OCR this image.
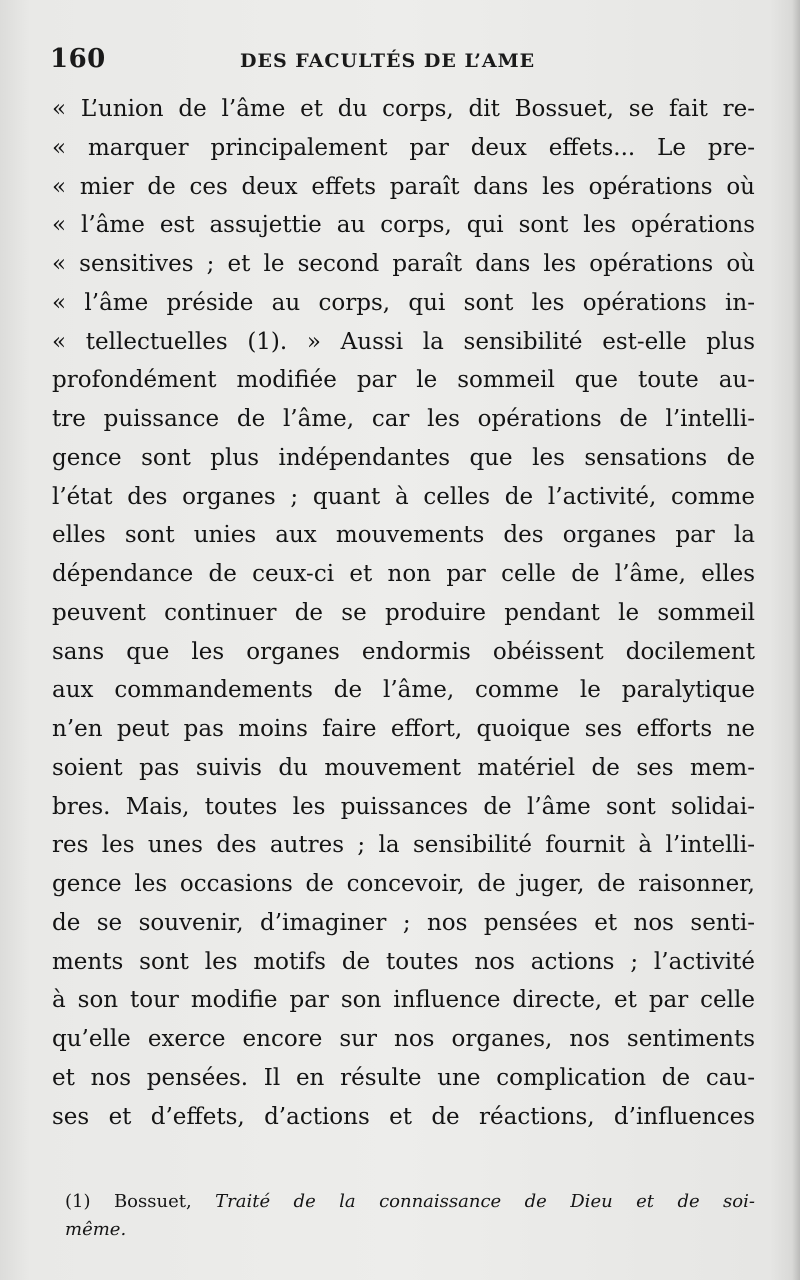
160	DES FACULTÉS DE L’AME
« L’union de l’âme et du corps, dit Bossuet, se fait re-
« marquer principalement par deux effets... Le pre-
« mier de ces deux effets paraît dans les opérations où
« l’âme est assujettie au corps, qui sont les opérations
« sensitives ; et le second paraît dans les opérations où
« l’âme préside au corps, qui sont les opérations in-
« tellectuelles (1). » Aussi la sensibilité est-elle plus
profondément modifiée par le sommeil que toute au-
tre puissance de l’âme, car les opérations de l’intelli-
gence sont plus indépendantes que les sensations de
l’état des organes ; quant à celles de l’activité, comme
elles sont unies aux mouvements des organes par la
dépendance de ceux-ci et non par celle de l’âme, elles
peuvent continuer de se produire pendant le sommeil
sans que les organes endormis obéissent docilement
aux commandements de l’âme, comme le paralytique
n’en peut pas moins faire effort, quoique ses efforts ne
soient pas suivis du mouvement matériel de ses mem-
bres. Mais, toutes les puissances de l’âme sont solidai-
res les unes des autres ; la sensibilité fournit à l’intelli-
gence les occasions de concevoir, de juger, de raisonner,
de se souvenir, d’imaginer ; nos pensées et nos senti-
ments sont les motifs de toutes nos actions ; l’activité
à son tour modifie par son influence directe, et par celle
qu’elle exerce encore sur nos organes, nos sentiments
et nos pensées. Il en résulte une complication de cau-
ses et d’effets, d’actions et de réactions, d’influences
(1) Bossuet, Traité de la connaissance de Dieu et de soi-
même.
